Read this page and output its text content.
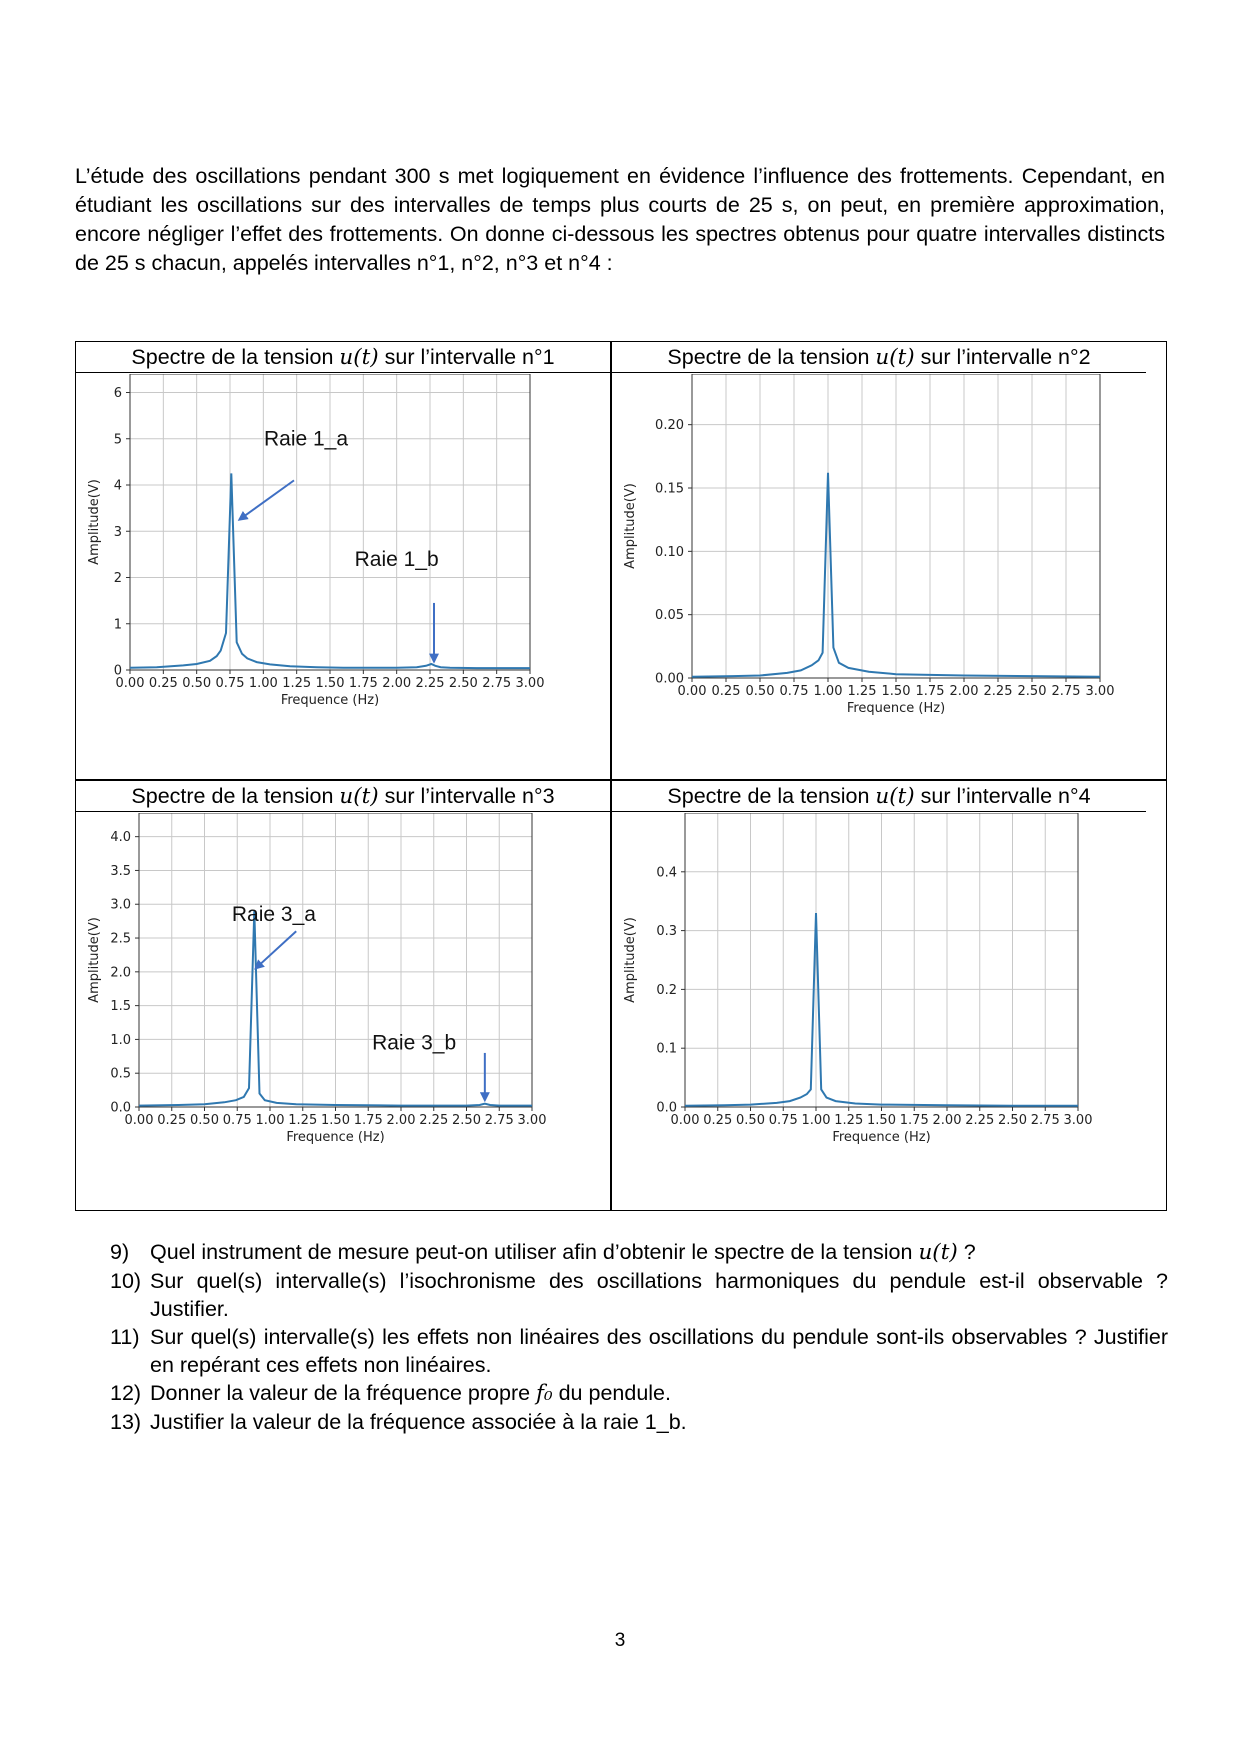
L’étude des oscillations pendant 300 s met logiquement en évidence l’influence des frottements. Cependant, en étudiant les oscillations sur des intervalles de temps plus courts de 25 s, on peut, en première approximation, encore négliger l’effet des frottements. On donne ci-dessous les spectres obtenus pour quatre intervalles distincts de 25 s chacun, appelés intervalles n°1, n°2, n°3 et n°4 :

Spectre de la tension u(t) sur l’intervalle n°1
0.00 0.25 0.50 0.75 1.00 1.25 1.50 1.75 2.00 2.25 2.50 2.75 3.00
0
1
2
3
4
5
6
Frequence (Hz)
Amplitude(V)
Raie 1_a
Raie 1_b
Spectre de la tension u(t) sur l’intervalle n°2
0.00 0.25 0.50 0.75 1.00 1.25 1.50 1.75 2.00 2.25 2.50 2.75 3.00
0.00
0.05
0.10
0.15
0.20
Frequence (Hz)
Amplitude(V)
Spectre de la tension u(t) sur l’intervalle n°3
0.00 0.25 0.50 0.75 1.00 1.25 1.50 1.75 2.00 2.25 2.50 2.75 3.00
0.0
0.5
1.0
1.5
2.0
2.5
3.0
3.5
4.0
Frequence (Hz)
Amplitude(V)
Raie 3_a
Raie 3_b
Spectre de la tension u(t) sur l’intervalle n°4
0.00 0.25 0.50 0.75 1.00 1.25 1.50 1.75 2.00 2.25 2.50 2.75 3.00
0.0
0.1
0.2
0.3
0.4
Frequence (Hz)
Amplitude(V)
9) Quel instrument de mesure peut-on utiliser afin d’obtenir le spectre de la tension u(t) ?
10) Sur quel(s) intervalle(s) l’isochronisme des oscillations harmoniques du pendule est-il observable ? Justifier.
11) Sur quel(s) intervalle(s) les effets non linéaires des oscillations du pendule sont-ils observables ? Justifier en repérant ces effets non linéaires.
12) Donner la valeur de la fréquence propre f₀ du pendule.
13) Justifier la valeur de la fréquence associée à la raie 1_b.
3
